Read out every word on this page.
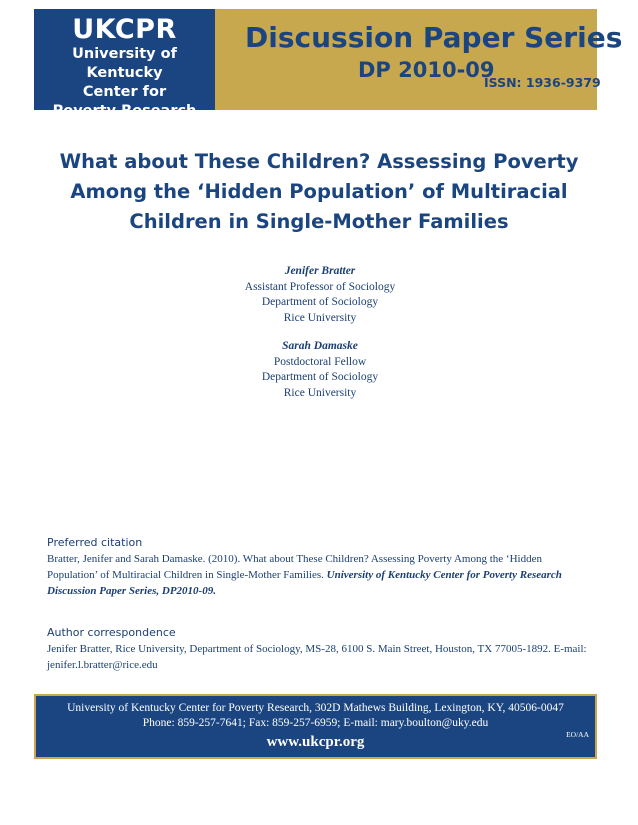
UKCPR
University of Kentucky
Center for
Poverty Research
Discussion Paper Series
DP 2010-09
ISSN: 1936-9379
What about These Children? Assessing Poverty
Among the ‘Hidden Population’ of Multiracial
Children in Single-Mother Families
Jenifer Bratter
Assistant Professor of Sociology
Department of Sociology
Rice University
Sarah Damaske
Postdoctoral Fellow
Department of Sociology
Rice University
Preferred citation
Bratter, Jenifer and Sarah Damaske. (2010). What about These Children? Assessing Poverty Among the ‘Hidden Population’ of Multiracial Children in Single-Mother Families. University of Kentucky Center for Poverty Research Discussion Paper Series, DP2010-09.
Author correspondence
Jenifer Bratter, Rice University, Department of Sociology, MS-28, 6100 S. Main Street, Houston, TX 77005-1892. E-mail: jenifer.l.bratter@rice.edu
University of Kentucky Center for Poverty Research, 302D Mathews Building, Lexington, KY, 40506-0047
Phone: 859-257-7641; Fax: 859-257-6959; E-mail: mary.boulton@uky.edu
www.ukcpr.org	EO/AA
